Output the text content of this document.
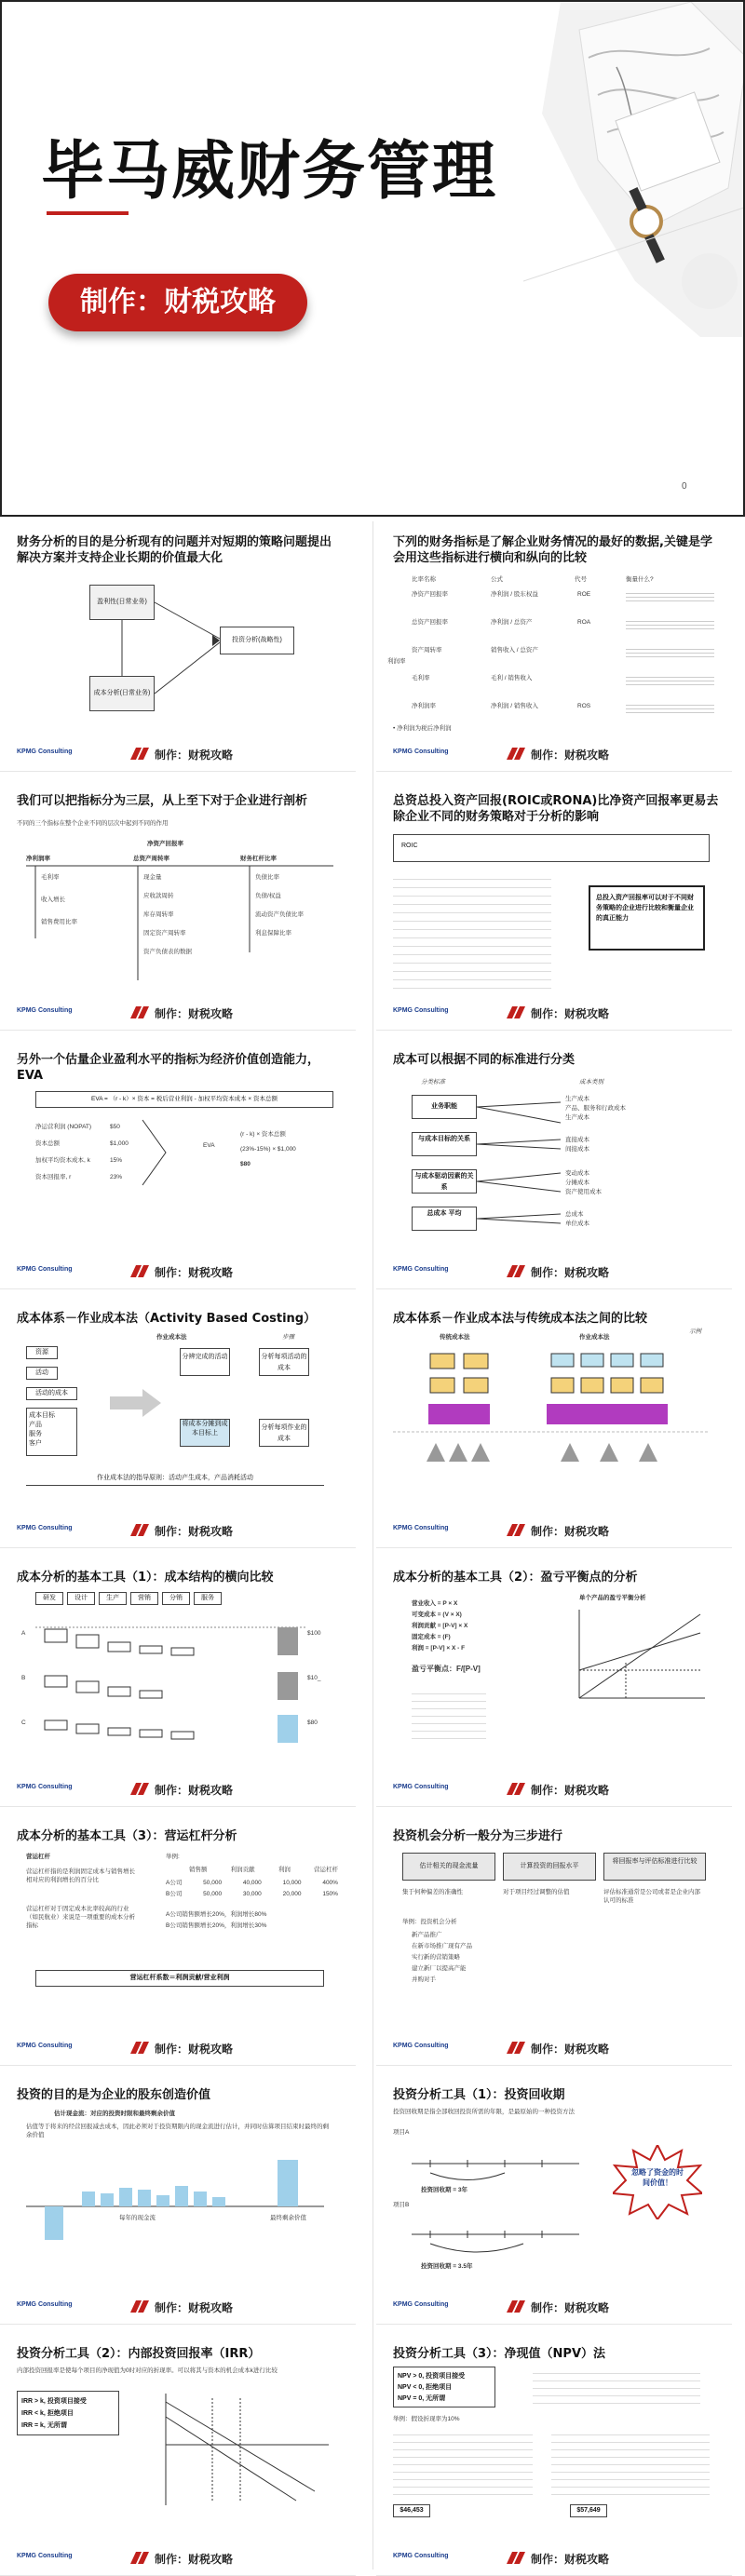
毕马威财务管理
制作：财税攻略
0
财务分析的目的是分析现有的问题并对短期的策略问题提出解决方案并支持企业长期的价值最大化
盈利性(日常业务)
投资分析(战略性)
成本分析(日常业务)
KPMG Consulting	制作：财税攻略
下列的财务指标是了解企业财务情况的最好的数据,关键是学会用这些指标进行横向和纵向的比较
比率名称	公式	代号	衡量什么?
利润率
净资产回报率	净利润 / 股东权益	ROE
总资产回报率	净利润 / 总资产	ROA
资产周转率	销售收入 / 总资产
毛利率	毛利 / 销售收入
净利润率	净利润 / 销售收入	ROS
• 净利润为税后净利润
KPMG Consulting	制作：财税攻略
我们可以把指标分为三层，从上至下对于企业进行剖析
不同的三个指标在整个企业不同的层次中起到不同的作用
净资产回报率
净利润率	总资产周转率	财务杠杆比率
毛利率
收入增长
销售费用比率
现金量
应收款周转
库存周转率
固定资产周转率
资产负债表的数据
负债比率
负债/权益
流动资产负债比率
利息保障比率
KPMG Consulting	制作：财税攻略
总资总投入资产回报(ROIC或RONA)比净资产回报率更易去除企业不同的财务策略对于分析的影响
ROIC
总投入资产回报率可以对于不同财务策略的企业进行比较和衡量企业的真正能力
KPMG Consulting	制作：财税攻略
另外一个估量企业盈利水平的指标为经济价值创造能力，EVA
EVA = （r - k）× 资本 = 税后营业利润 - 加权平均资本成本 × 资本总额
净运营利润 (NOPAT)	$50
资本总额	$1,000
加权平均资本成本, k	15%
资本回报率, r	23%
EVA
(r - k) × 资本总额
(23%-15%) × $1,000
$80
KPMG Consulting	制作：财税攻略
成本可以根据不同的标准进行分类
分类标准	成本类别
业务职能
与成本目标的关系
与成本驱动因素的关系
总成本 平均
生产成本
产品、服务和行政成本
生产成本
直接成本
间接成本
变动成本
分摊成本
资产使用成本
总成本
单位成本
KPMG Consulting	制作：财税攻略
成本体系－作业成本法（Activity Based Costing）
作业成本法	步骤
资源
活动
活动的成本
成本目标
产品
服务
客户
分辨完成的活动	分析每项活动的成本
将成本分摊到成本目标上
分析每项作业的成本
作业成本法的指导原则：活动产生成本，产品消耗活动
KPMG Consulting	制作：财税攻略
成本体系－作业成本法与传统成本法之间的比较
传统成本法	作业成本法
示例
KPMG Consulting	制作：财税攻略
成本分析的基本工具（1）：成本结构的横向比较
研发	设计	生产	营销	分销	服务
A
B
C
$100
$10_
$80
KPMG Consulting	制作：财税攻略
成本分析的基本工具（2）：盈亏平衡点的分析
营业收入 = P × X
可变成本 = (V × X)
利润贡献 = [P-V] × X
固定成本 = (F)
利润 = [P-V] × X - F
盈亏平衡点：F/[P-V]
单个产品的盈亏平衡分析
KPMG Consulting	制作：财税攻略
成本分析的基本工具（3）：营运杠杆分析
营运杠杆
营运杠杆指的是利润固定成本与销售增长相对应的利润增长的百分比
营运杠杆对于固定成本比率较高的行业（如民航业）来说是一项重要的成本分析指标
举例:
销售额	利润贡献	利润	营运杠杆
A公司	50,000	40,000	10,000	400%
B公司	50,000	30,000	20,000	150%
A公司销售额增长20%，利润增长80%
B公司销售额增长20%，利润增长30%
营运杠杆系数＝利润贡献/营业利润
KPMG Consulting	制作：财税攻略
投资机会分析一般分为三步进行
估计相关的现金流量	计算投资的回报水平
将回报率与评估标准进行比较
集于何种偏差的准确性	对于项目经过调整的估值	评估标准通常是公司或者是企业内部认可的标准
举例：投资机会分析
新产品推广
在新市场推广现有产品
实行新的营销策略
建立新厂以提高产能
并购对手
KPMG Consulting	制作：财税攻略
投资的目的是为企业的股东创造价值
估计现金流：对应的投资时限和最终剩余价值
估值等于将来的经营回报减去成本，因此必须对于投资期限内的现金流进行估计，并同时估算项目结束时最终的剩余价值
每年的现金流	最终剩余价值
KPMG Consulting	制作：财税攻略
投资分析工具（1）：投资回收期
投资回收期是指全部收回投资所需的年限，是最原始的一种投资方法
项目A
项目B
投资回收期 = 3年
投资回收期 = 3.5年
忽略了资金的时间价值！
KPMG Consulting	制作：财税攻略
投资分析工具（2）：内部投资回报率（IRR）
内部投资回报率是使每个项目的净现值为0时对应的折现率。可以将其与资本的机会成本k进行比较
IRR > k, 投资项目接受
IRR < k, 拒绝项目
IRR = k, 无所谓
KPMG Consulting	制作：财税攻略
投资分析工具（3）：净现值（NPV）法
NPV > 0, 投资项目接受
NPV < 0, 拒绝项目
NPV = 0, 无所谓
举例：假设折现率为10%
$46,453	$57,649
KPMG Consulting	制作：财税攻略
